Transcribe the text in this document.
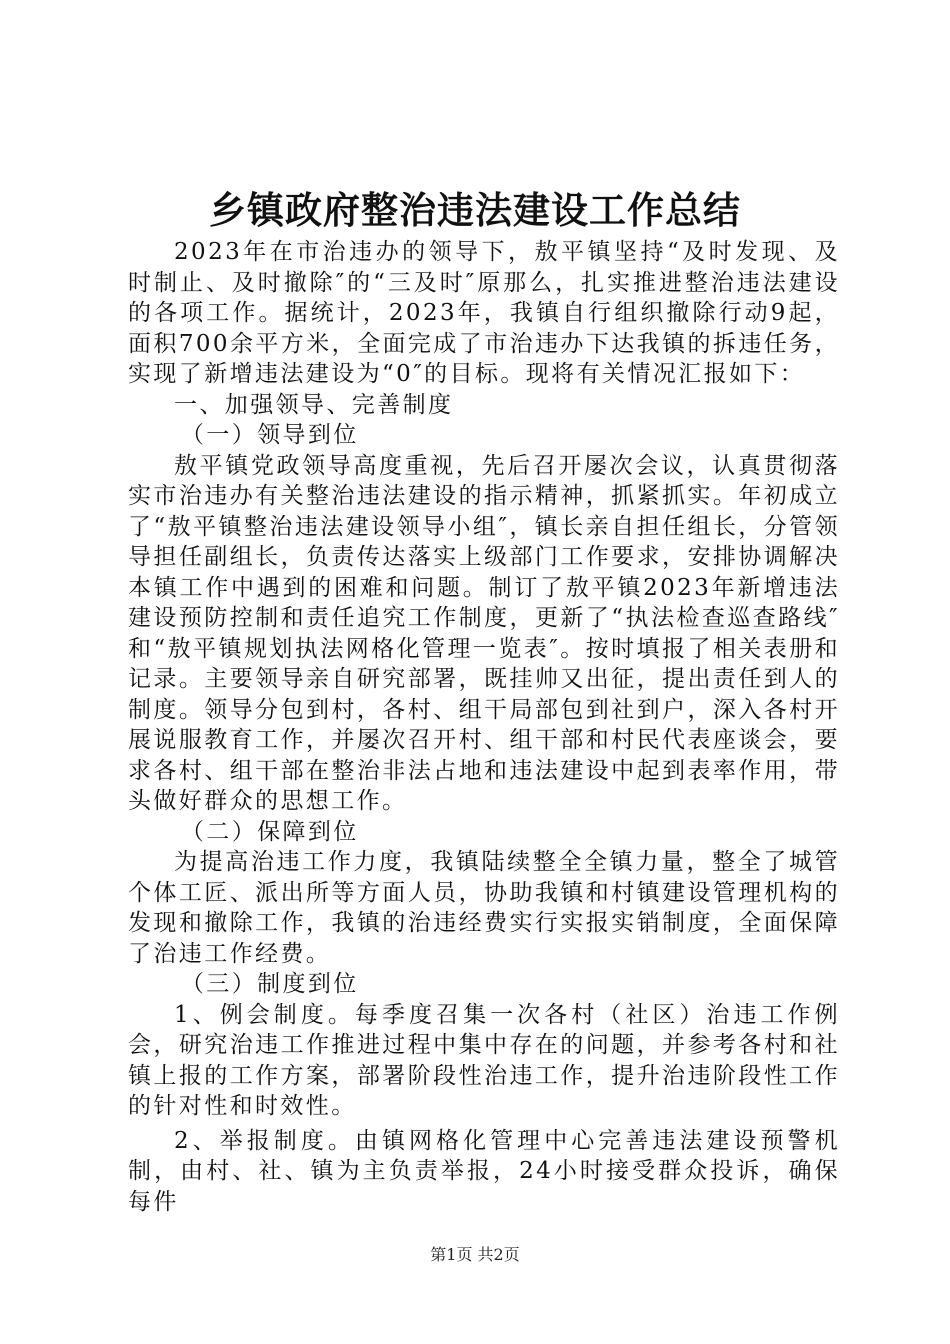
乡镇政府整治违法建设工作总结

2023年在市治违办的领导下，敖平镇坚持“及时发现、及时制止、及时撤除″的“三及时″原那么，扎实推进整治违法建设的各项工作。据统计，2023年，我镇自行组织撤除行动9起，面积700余平方米，全面完成了市治违办下达我镇的拆违任务，实现了新增违法建设为“0″的目标。现将有关情况汇报如下：

一、加强领导、完善制度

（一）领导到位

敖平镇党政领导高度重视，先后召开屡次会议，认真贯彻落实市治违办有关整治违法建设的指示精神，抓紧抓实。年初成立了“敖平镇整治违法建设领导小组″，镇长亲自担任组长，分管领导担任副组长，负责传达落实上级部门工作要求，安排协调解决本镇工作中遇到的困难和问题。制订了敖平镇2023年新增违法建设预防控制和责任追究工作制度，更新了“执法检查巡查路线″和“敖平镇规划执法网格化管理一览表″。按时填报了相关表册和记录。主要领导亲自研究部署，既挂帅又出征，提出责任到人的制度。领导分包到村，各村、组干局部包到社到户，深入各村开展说服教育工作，并屡次召开村、组干部和村民代表座谈会，要求各村、组干部在整治非法占地和违法建设中起到表率作用，带头做好群众的思想工作。

（二）保障到位

为提高治违工作力度，我镇陆续整全全镇力量，整全了城管个体工匠、派出所等方面人员，协助我镇和村镇建设管理机构的发现和撤除工作，我镇的治违经费实行实报实销制度，全面保障了治违工作经费。

（三）制度到位

1、例会制度。每季度召集一次各村（社区）治违工作例会，研究治违工作推进过程中集中存在的问题，并参考各村和社镇上报的工作方案，部署阶段性治违工作，提升治违阶段性工作的针对性和时效性。

2、举报制度。由镇网格化管理中心完善违法建设预警机制，由村、社、镇为主负责举报，24小时接受群众投诉，确保每件

第1页 共2页
